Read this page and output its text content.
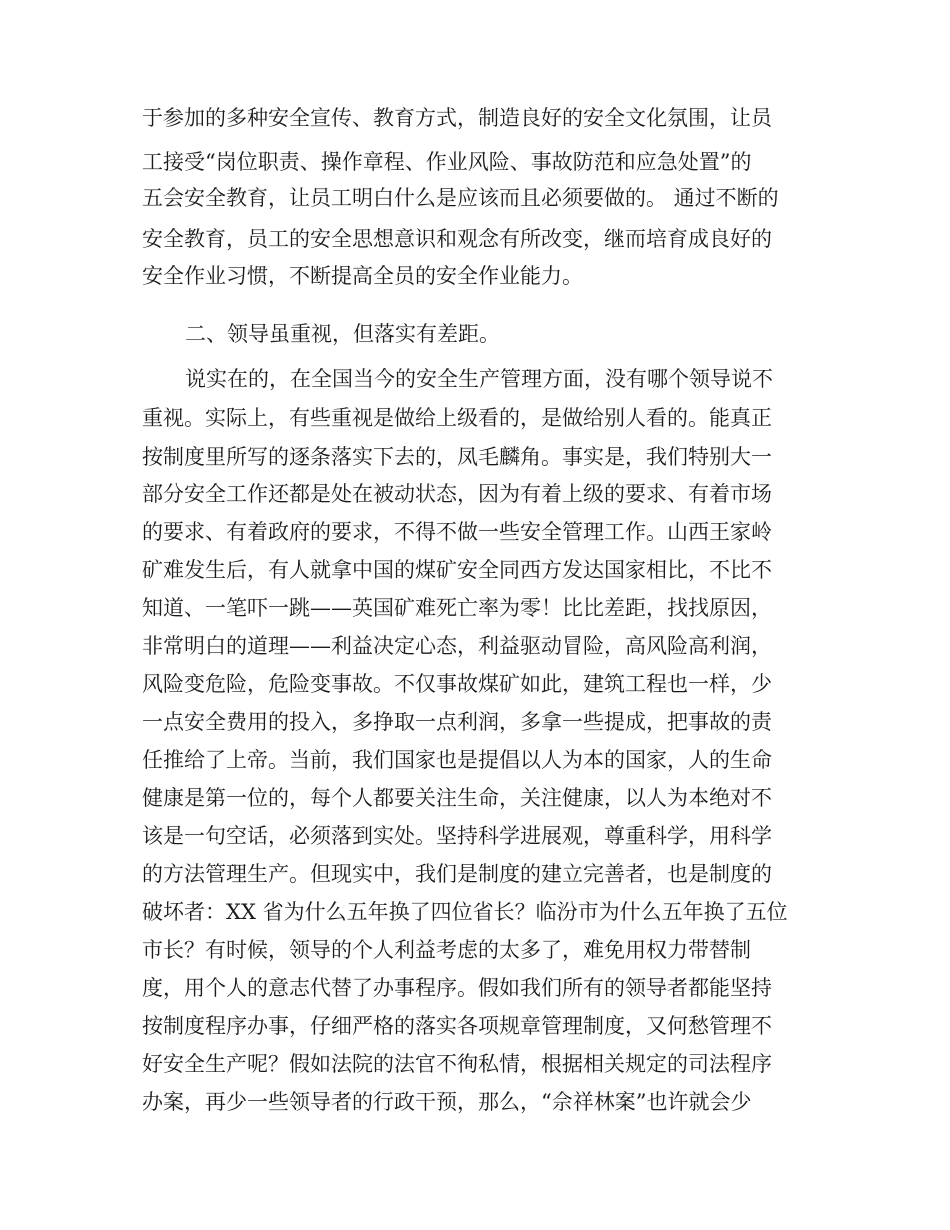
于参加的多种安全宣传、教育方式，制造良好的安全文化氛围，让员
工接受“岗位职责、操作章程、作业风险、事故防范和应急处置”的
五会安全教育，让员工明白什么是应该而且必须要做的。 通过不断的
安全教育，员工的安全思想意识和观念有所改变，继而培育成良好的
安全作业习惯，不断提高全员的安全作业能力。
二、领导虽重视，但落实有差距。
说实在的，在全国当今的安全生产管理方面，没有哪个领导说不
重视。实际上，有些重视是做给上级看的，是做给别人看的。能真正
按制度里所写的逐条落实下去的，凤毛麟角。事实是，我们特别大一
部分安全工作还都是处在被动状态，因为有着上级的要求、有着市场
的要求、有着政府的要求，不得不做一些安全管理工作。山西王家岭
矿难发生后，有人就拿中国的煤矿安全同西方发达国家相比，不比不
知道、一笔吓一跳——英国矿难死亡率为零！比比差距，找找原因，
非常明白的道理——利益决定心态，利益驱动冒险，高风险高利润，
风险变危险，危险变事故。不仅事故煤矿如此，建筑工程也一样，少
一点安全费用的投入，多挣取一点利润，多拿一些提成，把事故的责
任推给了上帝。当前，我们国家也是提倡以人为本的国家，人的生命
健康是第一位的，每个人都要关注生命，关注健康，以人为本绝对不
该是一句空话，必须落到实处。坚持科学进展观，尊重科学，用科学
的方法管理生产。但现实中，我们是制度的建立完善者，也是制度的
破坏者：XX 省为什么五年换了四位省长？临汾市为什么五年换了五位
市长？有时候，领导的个人利益考虑的太多了，难免用权力带替制
度，用个人的意志代替了办事程序。假如我们所有的领导者都能坚持
按制度程序办事，仔细严格的落实各项规章管理制度，又何愁管理不
好安全生产呢？假如法院的法官不徇私情，根据相关规定的司法程序
办案，再少一些领导者的行政干预，那么，“佘祥林案”也许就会少
